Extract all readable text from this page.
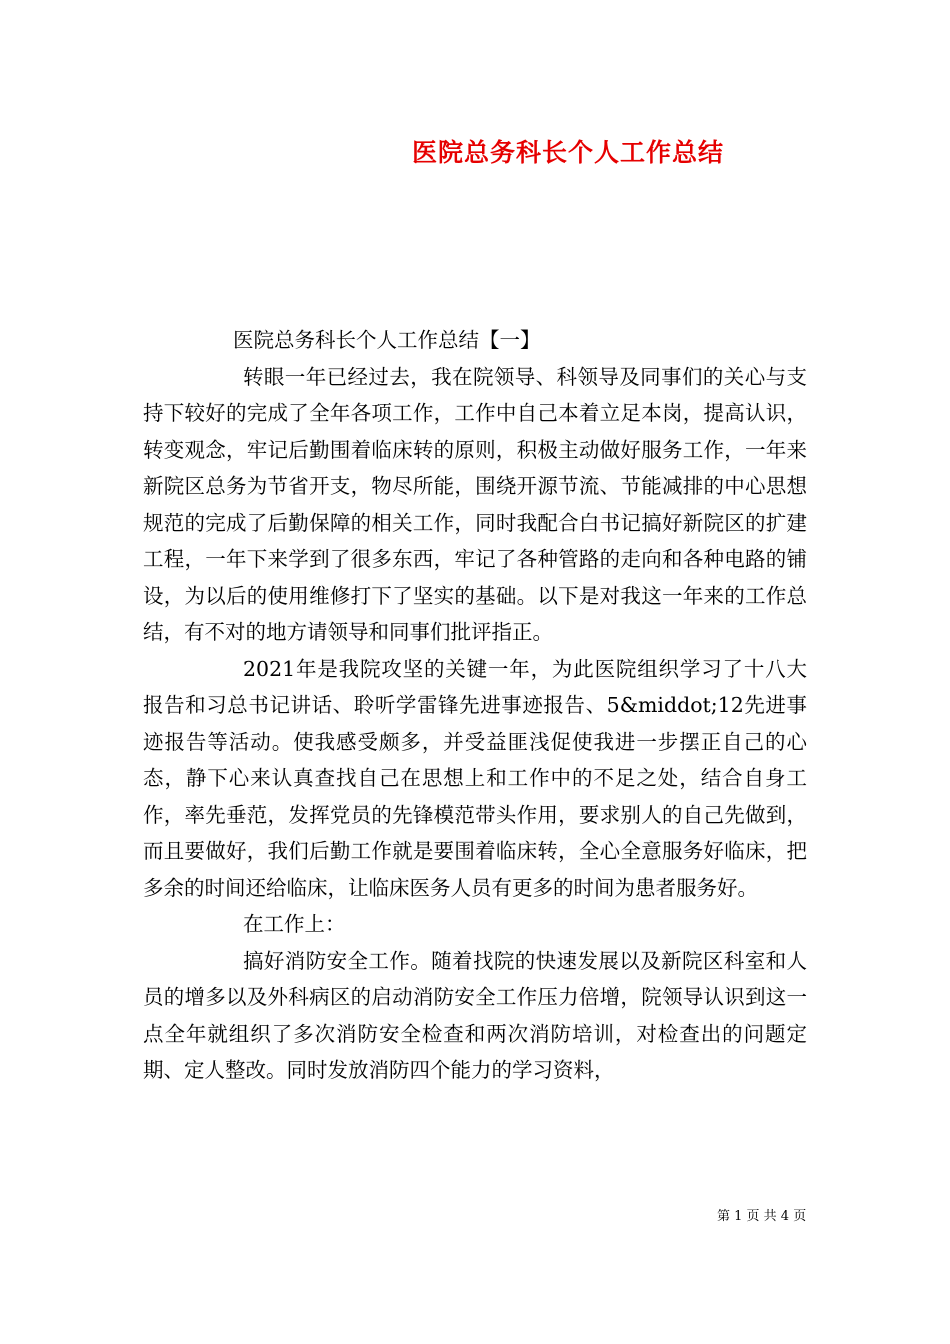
医院总务科长个人工作总结

医院总务科长个人工作总结【一】

转眼一年已经过去，我在院领导、科领导及同事们的关心与支持下较好的完成了全年各项工作，工作中自己本着立足本岗，提高认识，转变观念，牢记后勤围着临床转的原则，积极主动做好服务工作，一年来新院区总务为节省开支，物尽所能，围绕开源节流、节能减排的中心思想规范的完成了后勤保障的相关工作，同时我配合白书记搞好新院区的扩建工程，一年下来学到了很多东西，牢记了各种管路的走向和各种电路的铺设，为以后的使用维修打下了坚实的基础。以下是对我这一年来的工作总结，有不对的地方请领导和同事们批评指正。

2021年是我院攻坚的关键一年，为此医院组织学习了十八大报告和习总书记讲话、聆听学雷锋先进事迹报告、5&middot;12先进事迹报告等活动。使我感受颇多，并受益匪浅促使我进一步摆正自己的心态，静下心来认真查找自己在思想上和工作中的不足之处，结合自身工作，率先垂范，发挥党员的先锋模范带头作用，要求别人的自己先做到，而且要做好，我们后勤工作就是要围着临床转，全心全意服务好临床，把多余的时间还给临床，让临床医务人员有更多的时间为患者服务好。

在工作上：

搞好消防安全工作。随着找院的快速发展以及新院区科室和人员的增多以及外科病区的启动消防安全工作压力倍增，院领导认识到这一点全年就组织了多次消防安全检查和两次消防培训，对检查出的问题定期、定人整改。同时发放消防四个能力的学习资料，

第 1 页 共 4 页
